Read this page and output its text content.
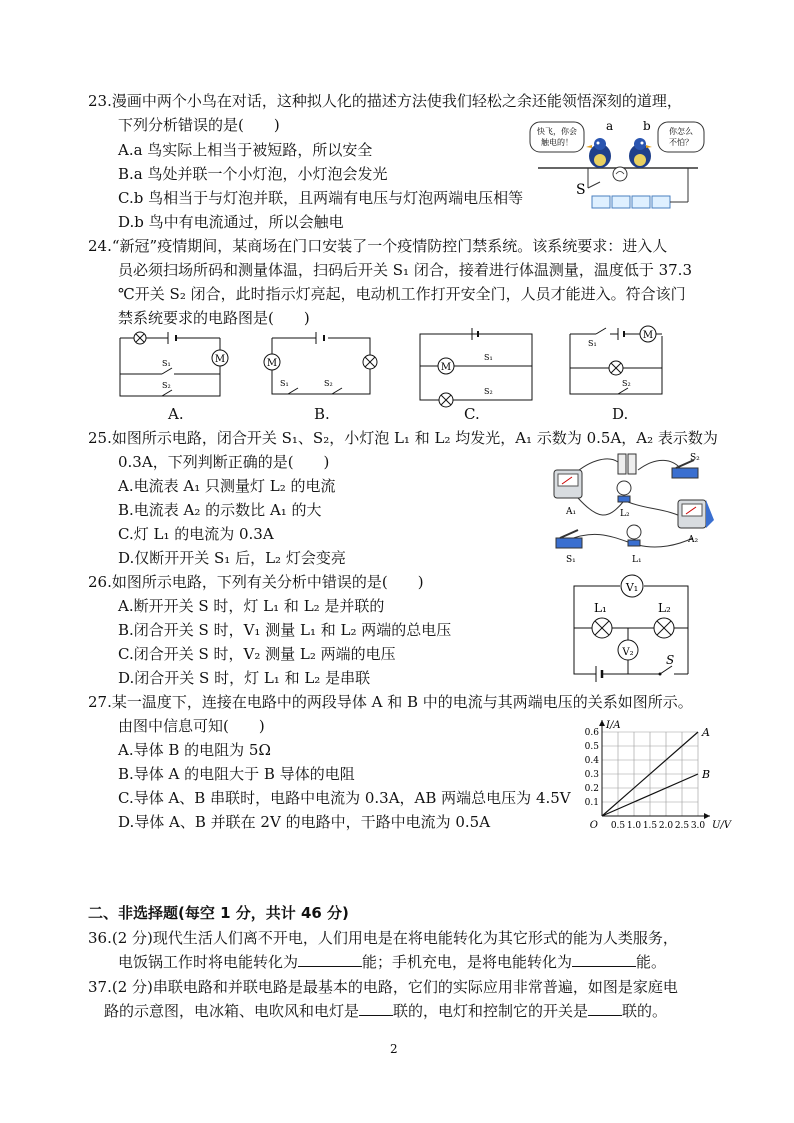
23.漫画中两个小鸟在对话，这种拟人化的描述方法使我们轻松之余还能领悟深刻的道理，
下列分析错误的是(　　)
A.a 鸟实际上相当于被短路，所以安全
B.a 鸟处并联一个小灯泡，小灯泡会发光
C.b 鸟相当于与灯泡并联，且两端有电压与灯泡两端电压相等
D.b 鸟中有电流通过，所以会触电
快飞，你会
触电的！
你怎么
不怕？
a b
S
24.“新冠”疫情期间，某商场在门口安装了一个疫情防控门禁系统。该系统要求：进入人
员必须扫场所码和测量体温，扫码后开关 S₁ 闭合，接着进行体温测量，温度低于 37.3
℃开关 S₂ 闭合，此时指示灯亮起，电动机工作打开安全门，人员才能进入。符合该门
禁系统要求的电路图是(　　)
M
S₁
S₂
A.
M
S₁	S₂
B.
M
S₁
S₂
C.
S₁
M
S₂
D.
25.如图所示电路，闭合开关 S₁、S₂，小灯泡 L₁ 和 L₂ 均发光，A₁ 示数为 0.5A，A₂ 表示数为
0.3A，下列判断正确的是(　　)
A.电流表 A₁ 只测量灯 L₂ 的电流
B.电流表 A₂ 的示数比 A₁ 的大
C.灯 L₁ 的电流为 0.3A
D.仅断开开关 S₁ 后，L₂ 灯会变亮
A₁
S₂
L₂
A₂
S₁	L₁
26.如图所示电路，下列有关分析中错误的是(　　)
A.断开开关 S 时，灯 L₁ 和 L₂ 是并联的
B.闭合开关 S 时，V₁ 测量 L₁ 和 L₂ 两端的总电压
C.闭合开关 S 时，V₂ 测量 L₂ 两端的电压
D.闭合开关 S 时，灯 L₁ 和 L₂ 是串联
V₁
L₁	L₂
V₂
S
27.某一温度下，连接在电路中的两段导体 A 和 B 中的电流与其两端电压的关系如图所示。
由图中信息可知(　　)
A.导体 B 的电阻为 5Ω
B.导体 A 的电阻大于 B 导体的电阻
C.导体 A、B 串联时，电路中电流为 0.3A，AB 两端总电压为 4.5V
D.导体 A、B 并联在 2V 的电路中，干路中电流为 0.5A	0.5 1.0 1.5 2.0 2.5 3.0
0.1
0.2
0.3
0.4
0.5
0.6
O	U/V
I/A
A
B
二、非选择题(每空 1 分，共计 46 分)
36.(2 分)现代生活人们离不开电，人们用电是在将电能转化为其它形式的能为人类服务，
电饭锅工作时将电能转化为	能；手机充电，是将电能转化为	能。
37.(2 分)串联电路和并联电路是最基本的电路，它们的实际应用非常普遍，如图是家庭电
路的示意图，电冰箱、电吹风和电灯是 联的，电灯和控制它的开关是 联的。
2
